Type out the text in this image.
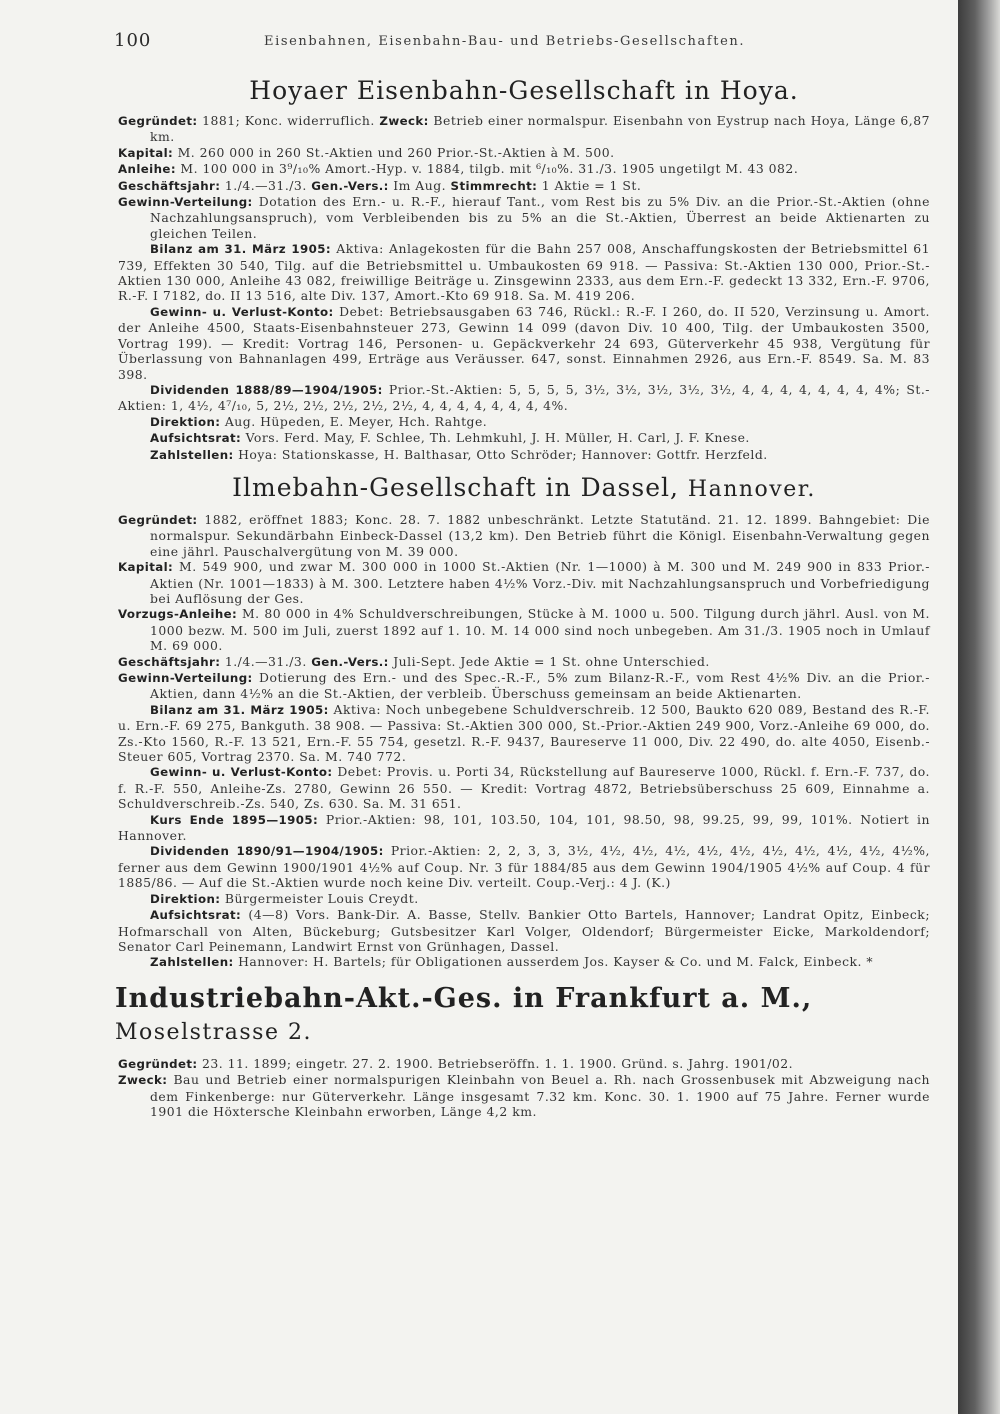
100	Eisenbahnen, Eisenbahn-Bau- und Betriebs-Gesellschaften.
Hoyaer Eisenbahn-Gesellschaft in Hoya.

Gegründet: 1881; Konc. widerruflich. Zweck: Betrieb einer normalspur. Eisenbahn von Eystrup nach Hoya, Länge 6,87 km.

Kapital: M. 260 000 in 260 St.-Aktien und 260 Prior.-St.-Aktien à M. 500.

Anleihe: M. 100 000 in 3⁹/₁₀% Amort.-Hyp. v. 1884, tilgb. mit ⁶/₁₀%. 31./3. 1905 ungetilgt M. 43 082.

Geschäftsjahr: 1./4.—31./3. Gen.-Vers.: Im Aug. Stimmrecht: 1 Aktie = 1 St.

Gewinn-Verteilung: Dotation des Ern.- u. R.-F., hierauf Tant., vom Rest bis zu 5% Div. an die Prior.-St.-Aktien (ohne Nachzahlungsanspruch), vom Verbleibenden bis zu 5% an die St.-Aktien, Überrest an beide Aktienarten zu gleichen Teilen.

Bilanz am 31. März 1905: Aktiva: Anlagekosten für die Bahn 257 008, Anschaffungskosten der Betriebsmittel 61 739, Effekten 30 540, Tilg. auf die Betriebsmittel u. Umbaukosten 69 918. — Passiva: St.-Aktien 130 000, Prior.-St.-Aktien 130 000, Anleihe 43 082, freiwillige Beiträge u. Zinsgewinn 2333, aus dem Ern.-F. gedeckt 13 332, Ern.-F. 9706, R.-F. I 7182, do. II 13 516, alte Div. 137, Amort.-Kto 69 918. Sa. M. 419 206.

Gewinn- u. Verlust-Konto: Debet: Betriebsausgaben 63 746, Rückl.: R.-F. I 260, do. II 520, Verzinsung u. Amort. der Anleihe 4500, Staats-Eisenbahnsteuer 273, Gewinn 14 099 (davon Div. 10 400, Tilg. der Umbaukosten 3500, Vortrag 199). — Kredit: Vortrag 146, Personen- u. Gepäckverkehr 24 693, Güterverkehr 45 938, Vergütung für Überlassung von Bahnanlagen 499, Erträge aus Veräusser. 647, sonst. Einnahmen 2926, aus Ern.-F. 8549. Sa. M. 83 398.

Dividenden 1888/89—1904/1905: Prior.-St.-Aktien: 5, 5, 5, 5, 3½, 3½, 3½, 3½, 3½, 4, 4, 4, 4, 4, 4, 4, 4%; St.-Aktien: 1, 4½, 4⁷/₁₀, 5, 2½, 2½, 2½, 2½, 2½, 4, 4, 4, 4, 4, 4, 4, 4%.

Direktion: Aug. Hüpeden, E. Meyer, Hch. Rahtge.

Aufsichtsrat: Vors. Ferd. May, F. Schlee, Th. Lehmkuhl, J. H. Müller, H. Carl, J. F. Knese.

Zahlstellen: Hoya: Stationskasse, H. Balthasar, Otto Schröder; Hannover: Gottfr. Herzfeld.

Ilmebahn-Gesellschaft in Dassel, Hannover.

Gegründet: 1882, eröffnet 1883; Konc. 28. 7. 1882 unbeschränkt. Letzte Statutänd. 21. 12. 1899. Bahngebiet: Die normalspur. Sekundärbahn Einbeck-Dassel (13,2 km). Den Betrieb führt die Königl. Eisenbahn-Verwaltung gegen eine jährl. Pauschalvergütung von M. 39 000.

Kapital: M. 549 900, und zwar M. 300 000 in 1000 St.-Aktien (Nr. 1—1000) à M. 300 und M. 249 900 in 833 Prior.-Aktien (Nr. 1001—1833) à M. 300. Letztere haben 4½% Vorz.-Div. mit Nachzahlungsanspruch und Vorbefriedigung bei Auflösung der Ges.

Vorzugs-Anleihe: M. 80 000 in 4% Schuldverschreibungen, Stücke à M. 1000 u. 500. Tilgung durch jährl. Ausl. von M. 1000 bezw. M. 500 im Juli, zuerst 1892 auf 1. 10. M. 14 000 sind noch unbegeben. Am 31./3. 1905 noch in Umlauf M. 69 000.

Geschäftsjahr: 1./4.—31./3. Gen.-Vers.: Juli-Sept. Jede Aktie = 1 St. ohne Unterschied.

Gewinn-Verteilung: Dotierung des Ern.- und des Spec.-R.-F., 5% zum Bilanz-R.-F., vom Rest 4½% Div. an die Prior.-Aktien, dann 4½% an die St.-Aktien, der verbleib. Überschuss gemeinsam an beide Aktienarten.

Bilanz am 31. März 1905: Aktiva: Noch unbegebene Schuldverschreib. 12 500, Baukto 620 089, Bestand des R.-F. u. Ern.-F. 69 275, Bankguth. 38 908. — Passiva: St.-Aktien 300 000, St.-Prior.-Aktien 249 900, Vorz.-Anleihe 69 000, do. Zs.-Kto 1560, R.-F. 13 521, Ern.-F. 55 754, gesetzl. R.-F. 9437, Baureserve 11 000, Div. 22 490, do. alte 4050, Eisenb.-Steuer 605, Vortrag 2370. Sa. M. 740 772.

Gewinn- u. Verlust-Konto: Debet: Provis. u. Porti 34, Rückstellung auf Baureserve 1000, Rückl. f. Ern.-F. 737, do. f. R.-F. 550, Anleihe-Zs. 2780, Gewinn 26 550. — Kredit: Vortrag 4872, Betriebsüberschuss 25 609, Einnahme a. Schuldverschreib.-Zs. 540, Zs. 630. Sa. M. 31 651.

Kurs Ende 1895—1905: Prior.-Aktien: 98, 101, 103.50, 104, 101, 98.50, 98, 99.25, 99, 99, 101%. Notiert in Hannover.

Dividenden 1890/91—1904/1905: Prior.-Aktien: 2, 2, 3, 3, 3½, 4½, 4½, 4½, 4½, 4½, 4½, 4½, 4½, 4½, 4½%, ferner aus dem Gewinn 1900/1901 4½% auf Coup. Nr. 3 für 1884/85 aus dem Gewinn 1904/1905 4½% auf Coup. 4 für 1885/86. — Auf die St.-Aktien wurde noch keine Div. verteilt. Coup.-Verj.: 4 J. (K.)

Direktion: Bürgermeister Louis Creydt.

Aufsichtsrat: (4—8) Vors. Bank-Dir. A. Basse, Stellv. Bankier Otto Bartels, Hannover; Landrat Opitz, Einbeck; Hofmarschall von Alten, Bückeburg; Gutsbesitzer Karl Volger, Oldendorf; Bürgermeister Eicke, Markoldendorf; Senator Carl Peinemann, Landwirt Ernst von Grünhagen, Dassel.

Zahlstellen: Hannover: H. Bartels; für Obligationen ausserdem Jos. Kayser & Co. und M. Falck, Einbeck. *

Industriebahn-Akt.-Ges. in Frankfurt a. M., Moselstrasse 2.

Gegründet: 23. 11. 1899; eingetr. 27. 2. 1900. Betriebseröffn. 1. 1. 1900. Gründ. s. Jahrg. 1901/02.

Zweck: Bau und Betrieb einer normalspurigen Kleinbahn von Beuel a. Rh. nach Grossenbusek mit Abzweigung nach dem Finkenberge: nur Güterverkehr. Länge insgesamt 7.32 km. Konc. 30. 1. 1900 auf 75 Jahre. Ferner wurde 1901 die Höxtersche Kleinbahn erworben, Länge 4,2 km.
